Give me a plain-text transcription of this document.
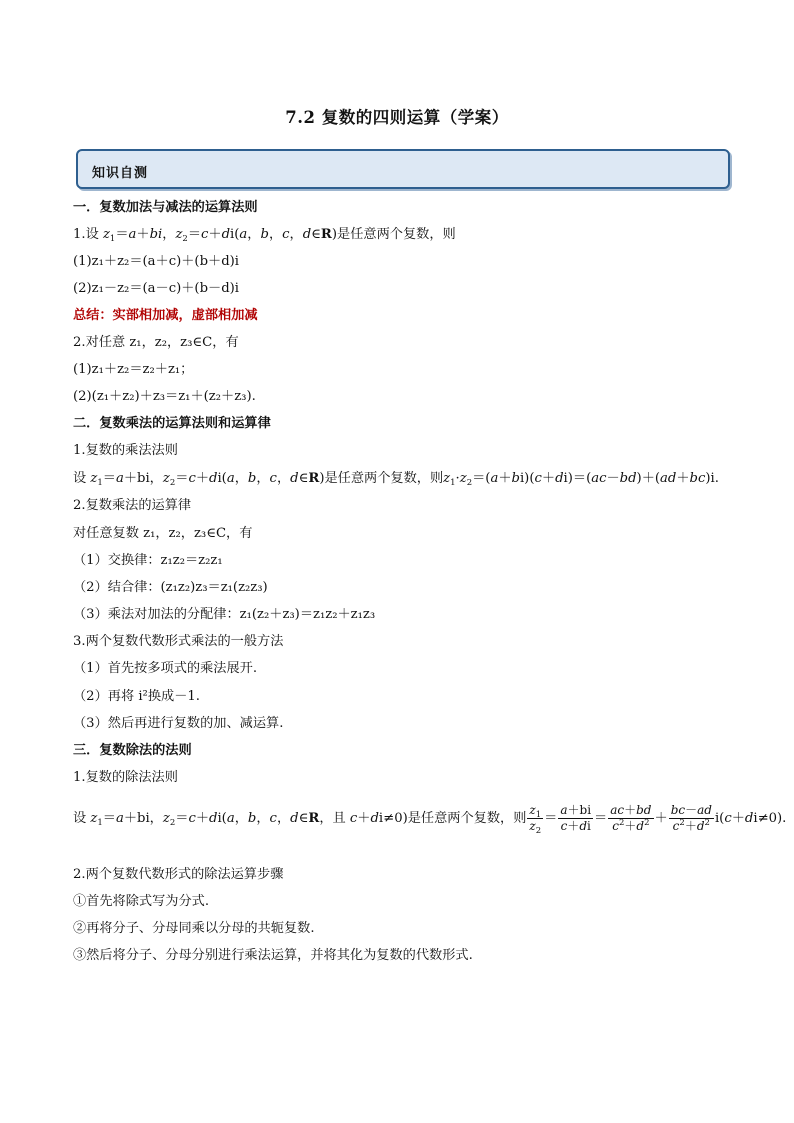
7.2 复数的四则运算（学案）
知识自测
一．复数加法与减法的运算法则
1.设 $z_1=a+bi$，$z_2=c+di(a$，b，c，d∈R)是任意两个复数，则
(1)z₁＋z₂＝(a＋c)＋(b＋d)i
(2)z₁－z₂＝(a－c)＋(b－d)i
总结：实部相加减，虚部相加减
2.对任意 z₁，z₂，z₃∈C，有
(1)z₁＋z₂＝z₂＋z₁；
(2)(z₁＋z₂)＋z₃＝z₁＋(z₂＋z₃).
二．复数乘法的运算法则和运算律
1.复数的乘法法则
设 $z_1=a+bi$，$z_2=c+di(a$，b，c，d∈R)是任意两个复数，则$z_1\cdot z_2=(a+bi)(c+di)=(ac-bd)+(ad+bc)i$.
2.复数乘法的运算律
对任意复数 z₁，z₂，z₃∈C，有
（1）交换律：z₁z₂＝z₂z₁
（2）结合律：(z₁z₂)z₃＝z₁(z₂z₃)
（3）乘法对加法的分配律：z₁(z₂＋z₃)＝z₁z₂＋z₁z₃
3.两个复数代数形式乘法的一般方法
（1）首先按多项式的乘法展开.
（2）再将 i²换成－1.
（3）然后再进行复数的加、减运算.
三．复数除法的法则
1.复数的除法法则
设 $z_1=a+bi$，$z_2=c+di(a$，b，c，d∈R，且 c＋di≠0)是任意两个复数，则 $\frac{z_1}{z_2} = \frac{a+bi}{c+di} = \frac{ac+bd}{c^2+d^2} + \frac{bc-ad}{c^2+d^2} i(c+di\ne 0)$.
2.两个复数代数形式的除法运算步骤
①首先将除式写为分式.
②再将分子、分母同乘以分母的共轭复数.
③然后将分子、分母分别进行乘法运算，并将其化为复数的代数形式.
